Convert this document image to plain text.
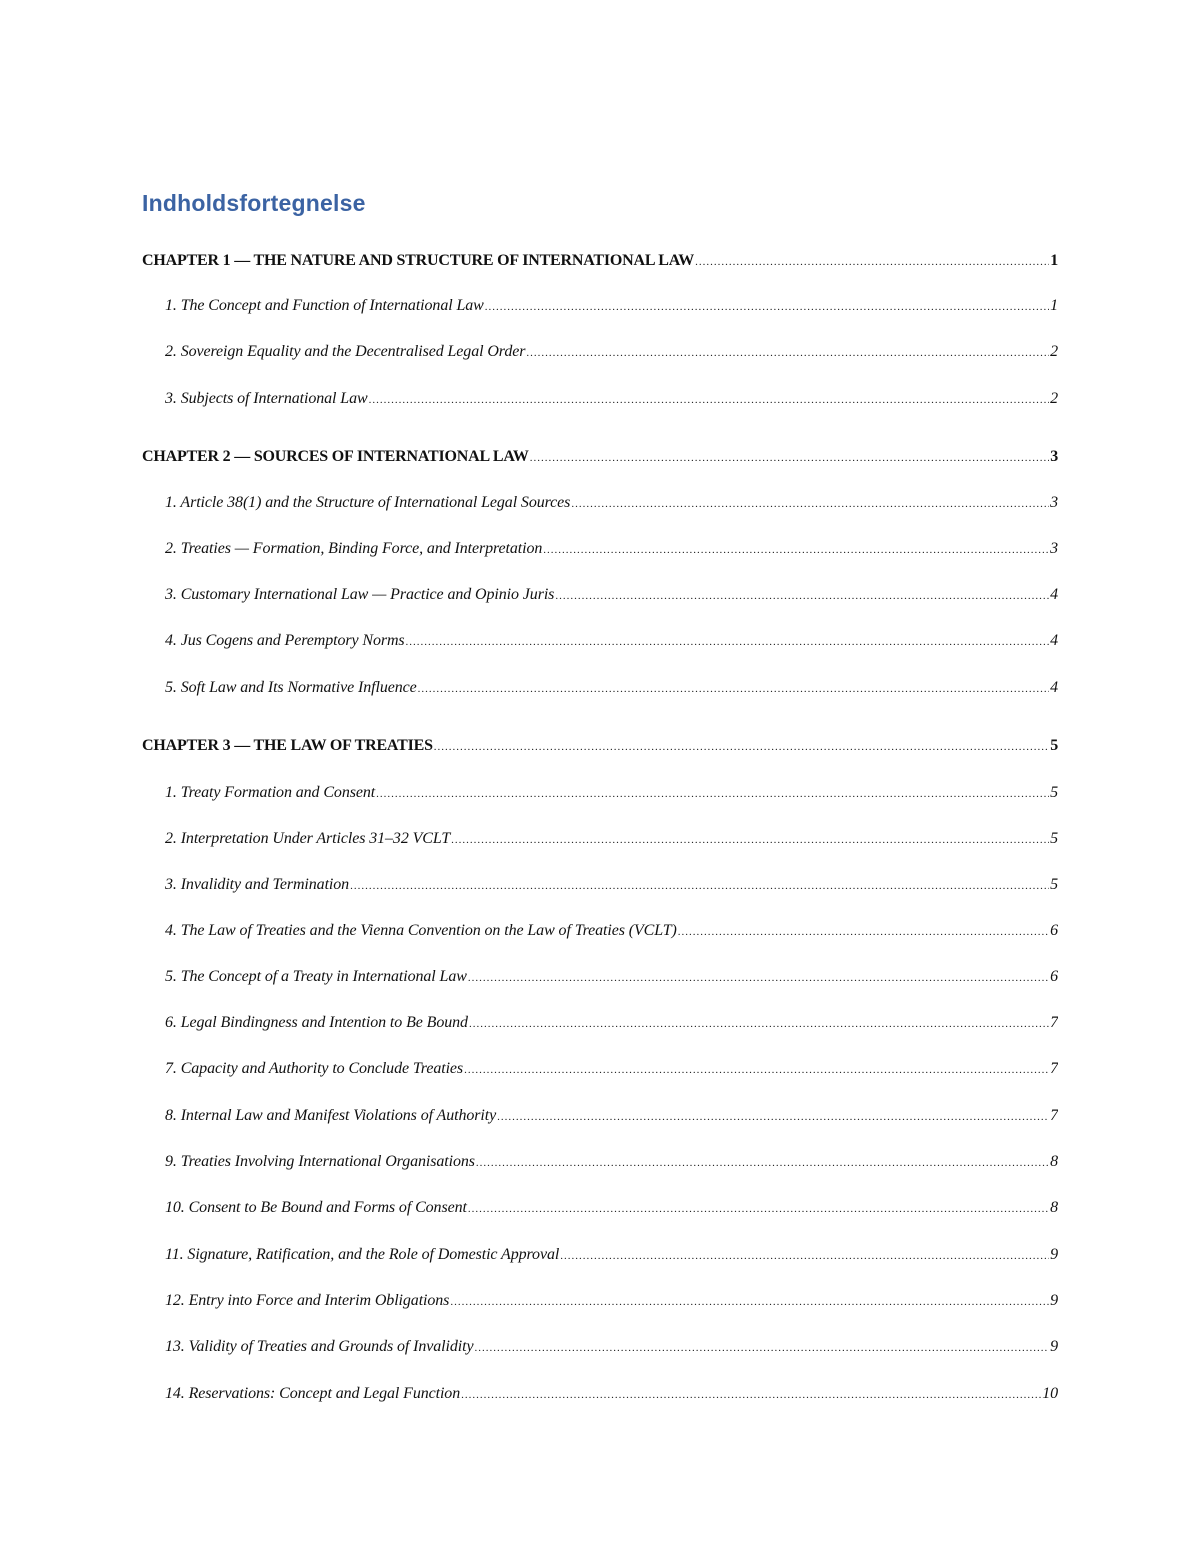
Indholdsfortegnelse
CHAPTER 1 — THE NATURE AND STRUCTURE OF INTERNATIONAL LAW .....	1
1. The Concept and Function of International Law .....	1
2. Sovereign Equality and the Decentralised Legal Order .....	2
3. Subjects of International Law .....	2
CHAPTER 2 — SOURCES OF INTERNATIONAL LAW .....	3
1. Article 38(1) and the Structure of International Legal Sources .....	3
2. Treaties — Formation, Binding Force, and Interpretation .....	3
3. Customary International Law — Practice and Opinio Juris .....	4
4. Jus Cogens and Peremptory Norms .....	4
5. Soft Law and Its Normative Influence .....	4
CHAPTER 3 — THE LAW OF TREATIES .....	5
1. Treaty Formation and Consent .....	5
2. Interpretation Under Articles 31–32 VCLT .....	5
3. Invalidity and Termination .....	5
4. The Law of Treaties and the Vienna Convention on the Law of Treaties (VCLT) .....	6
5. The Concept of a Treaty in International Law .....	6
6. Legal Bindingness and Intention to Be Bound .....	7
7. Capacity and Authority to Conclude Treaties .....	7
8. Internal Law and Manifest Violations of Authority .....	7
9. Treaties Involving International Organisations .....	8
10. Consent to Be Bound and Forms of Consent .....	8
11. Signature, Ratification, and the Role of Domestic Approval .....	9
12. Entry into Force and Interim Obligations .....	9
13. Validity of Treaties and Grounds of Invalidity .....	9
14. Reservations: Concept and Legal Function .....	10
